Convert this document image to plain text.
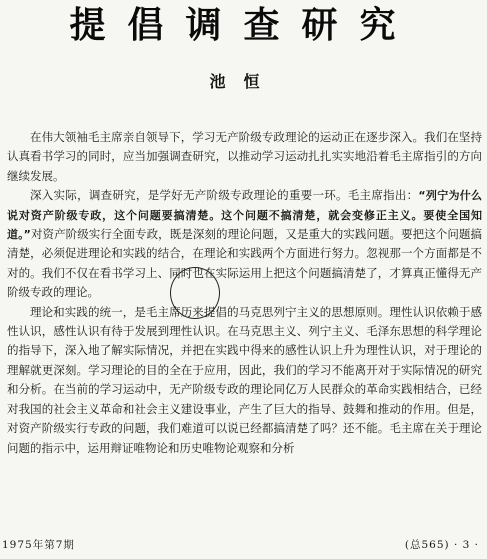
提倡调查研究
池恒

在伟大领袖毛主席亲自领导下，学习无产阶级专政理论的运动正在逐步深入。我们在坚持认真看书学习的同时，应当加强调查研究，以推动学习运动扎扎实实地沿着毛主席指引的方向继续发展。

深入实际，调查研究，是学好无产阶级专政理论的重要一环。毛主席指出：“列宁为什么说对资产阶级专政，这个问题要搞清楚。这个问题不搞清楚，就会变修正主义。要使全国知道。”对资产阶级实行全面专政，既是深刻的理论问题，又是重大的实践问题。要把这个问题搞清楚，必须促进理论和实践的结合，在理论和实践两个方面进行努力。忽视那一个方面都是不对的。我们不仅在看书学习上、同时也在实际运用上把这个问题搞清楚了，才算真正懂得无产阶级专政的理论。

理论和实践的统一，是毛主席历来提倡的马克思列宁主义的思想原则。理性认识依赖于感性认识，感性认识有待于发展到理性认识。在马克思主义、列宁主义、毛泽东思想的科学理论的指导下，深入地了解实际情况，并把在实践中得来的感性认识上升为理性认识，对于理论的理解就更深刻。学习理论的目的全在于应用，因此，我们的学习不能离开对于实际情况的研究和分析。在当前的学习运动中，无产阶级专政的理论同亿万人民群众的革命实践相结合，已经对我国的社会主义革命和社会主义建设事业，产生了巨大的指导、鼓舞和推动的作用。但是，对资产阶级实行专政的问题，我们难道可以说已经都搞清楚了吗？还不能。毛主席在关于理论问题的指示中，运用辩证唯物论和历史唯物论观察和分析

1975年第7期	(总565) · 3 ·
